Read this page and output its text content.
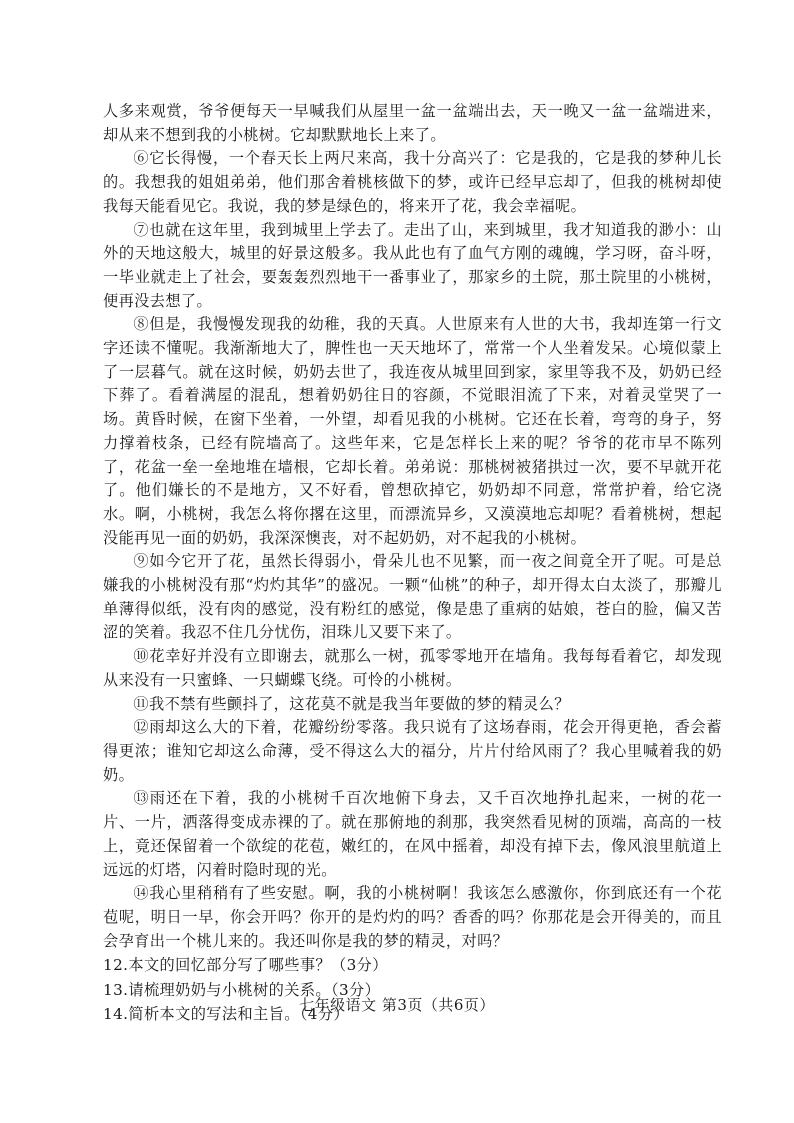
人多来观赏，爷爷便每天一早喊我们从屋里一盆一盆端出去，天一晚又一盆一盆端进来，却从来不想到我的小桃树。它却默默地长上来了。

⑥它长得慢，一个春天长上两尺来高，我十分高兴了：它是我的，它是我的梦种儿长的。我想我的姐姐弟弟，他们那舍着桃核做下的梦，或许已经早忘却了，但我的桃树却使我每天能看见它。我说，我的梦是绿色的，将来开了花，我会幸福呢。

⑦也就在这年里，我到城里上学去了。走出了山，来到城里，我才知道我的渺小：山外的天地这般大，城里的好景这般多。我从此也有了血气方刚的魂魄，学习呀，奋斗呀，一毕业就走上了社会，要轰轰烈烈地干一番事业了，那家乡的土院，那土院里的小桃树，便再没去想了。

⑧但是，我慢慢发现我的幼稚，我的天真。人世原来有人世的大书，我却连第一行文字还读不懂呢。我渐渐地大了，脾性也一天天地坏了，常常一个人坐着发呆。心境似蒙上了一层暮气。就在这时候，奶奶去世了，我连夜从城里回到家，家里等我不及，奶奶已经下葬了。看着满屋的混乱，想着奶奶往日的容颜，不觉眼泪流了下来，对着灵堂哭了一场。黄昏时候，在窗下坐着，一外望，却看见我的小桃树。它还在长着，弯弯的身子，努力撑着枝条，已经有院墙高了。这些年来，它是怎样长上来的呢？爷爷的花市早不陈列了，花盆一垒一垒地堆在墙根，它却长着。弟弟说：那桃树被猪拱过一次，要不早就开花了。他们嫌长的不是地方，又不好看，曾想砍掉它，奶奶却不同意，常常护着，给它浇水。啊，小桃树，我怎么将你撂在这里，而漂流异乡，又漠漠地忘却呢？看着桃树，想起没能再见一面的奶奶，我深深懊丧，对不起奶奶，对不起我的小桃树。

⑨如今它开了花，虽然长得弱小，骨朵儿也不见繁，而一夜之间竟全开了呢。可是总嫌我的小桃树没有那“灼灼其华”的盛况。一颗“仙桃”的种子，却开得太白太淡了，那瓣儿单薄得似纸，没有肉的感觉，没有粉红的感觉，像是患了重病的姑娘，苍白的脸，偏又苦涩的笑着。我忍不住几分忧伤，泪珠儿又要下来了。

⑩花幸好并没有立即谢去，就那么一树，孤零零地开在墙角。我每每看着它，却发现从来没有一只蜜蜂、一只蝴蝶飞绕。可怜的小桃树。

⑪我不禁有些颤抖了，这花莫不就是我当年要做的梦的精灵么？

⑫雨却这么大的下着，花瓣纷纷零落。我只说有了这场春雨，花会开得更艳，香会蓄得更浓；谁知它却这么命薄，受不得这么大的福分，片片付给风雨了？我心里喊着我的奶奶。

⑬雨还在下着，我的小桃树千百次地俯下身去，又千百次地挣扎起来，一树的花一片、一片，洒落得变成赤裸的了。就在那俯地的刹那，我突然看见树的顶端，高高的一枝上，竟还保留着一个欲绽的花苞，嫩红的，在风中摇着，却没有掉下去，像风浪里航道上远远的灯塔，闪着时隐时现的光。

⑭我心里稍稍有了些安慰。啊，我的小桃树啊！我该怎么感激你，你到底还有一个花苞呢，明日一早，你会开吗？你开的是灼灼的吗？香香的吗？你那花是会开得美的，而且会孕育出一个桃儿来的。我还叫你是我的梦的精灵，对吗？

12.本文的回忆部分写了哪些事？（3分）

13.请梳理奶奶与小桃树的关系。（3分）

14.简析本文的写法和主旨。（4分）

七年级语文 第3页（共6页）
